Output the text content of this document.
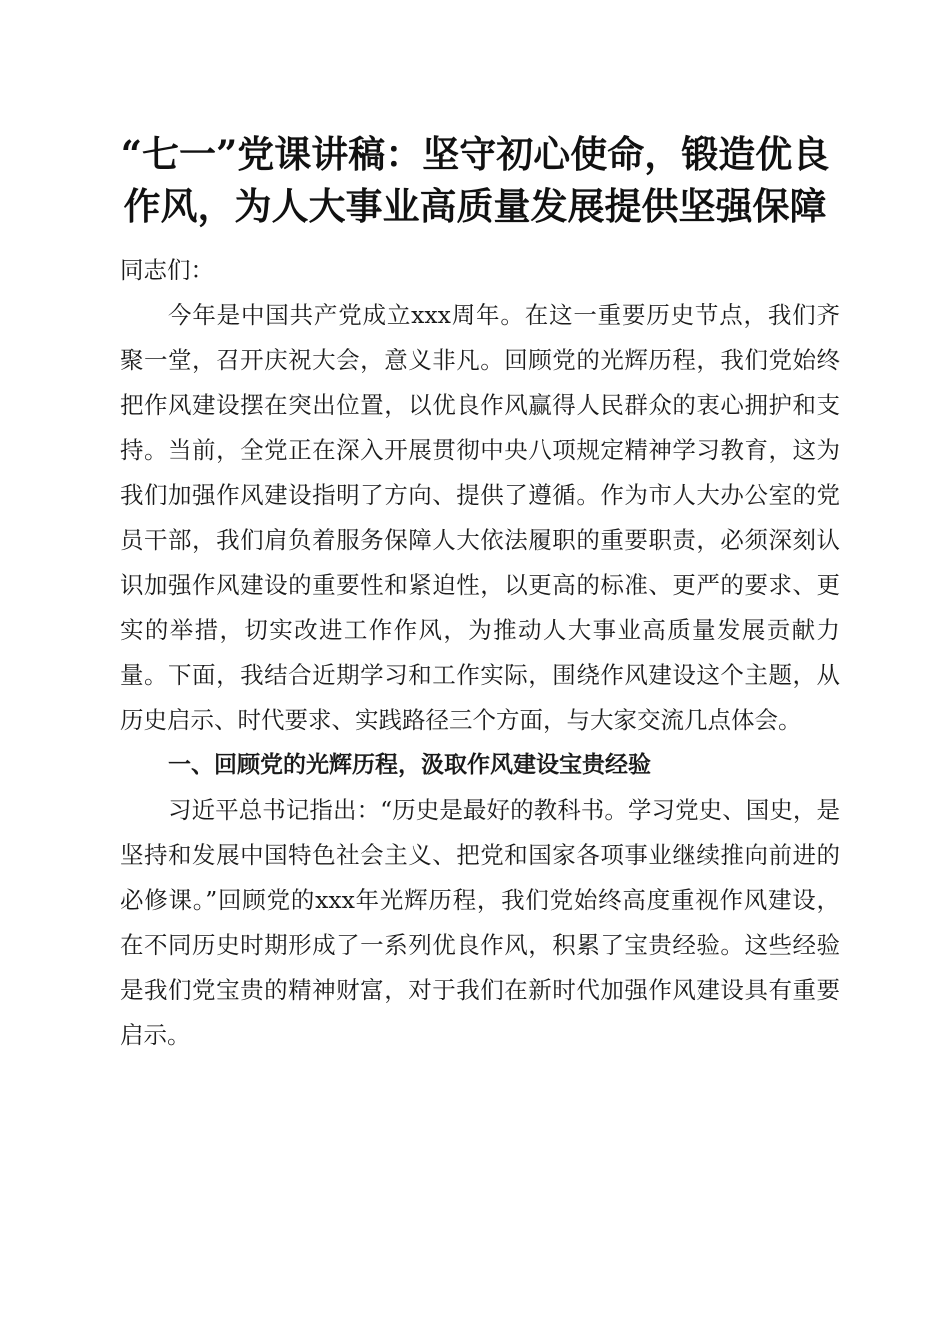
“七一”党课讲稿：坚守初心使命，锻造优良
作风，为人大事业高质量发展提供坚强保障

同志们：

今年是中国共产党成立xxx周年。在这一重要历史节点，我们齐聚一堂，召开庆祝大会，意义非凡。回顾党的光辉历程，我们党始终把作风建设摆在突出位置，以优良作风赢得人民群众的衷心拥护和支持。当前，全党正在深入开展贯彻中央八项规定精神学习教育，这为我们加强作风建设指明了方向、提供了遵循。作为市人大办公室的党员干部，我们肩负着服务保障人大依法履职的重要职责，必须深刻认识加强作风建设的重要性和紧迫性，以更高的标准、更严的要求、更实的举措，切实改进工作作风，为推动人大事业高质量发展贡献力量。下面，我结合近期学习和工作实际，围绕作风建设这个主题，从历史启示、时代要求、实践路径三个方面，与大家交流几点体会。

一、回顾党的光辉历程，汲取作风建设宝贵经验

习近平总书记指出：“历史是最好的教科书。学习党史、国史，是坚持和发展中国特色社会主义、把党和国家各项事业继续推向前进的必修课。”回顾党的xxx年光辉历程，我们党始终高度重视作风建设，在不同历史时期形成了一系列优良作风，积累了宝贵经验。这些经验是我们党宝贵的精神财富，对于我们在新时代加强作风建设具有重要启示。
